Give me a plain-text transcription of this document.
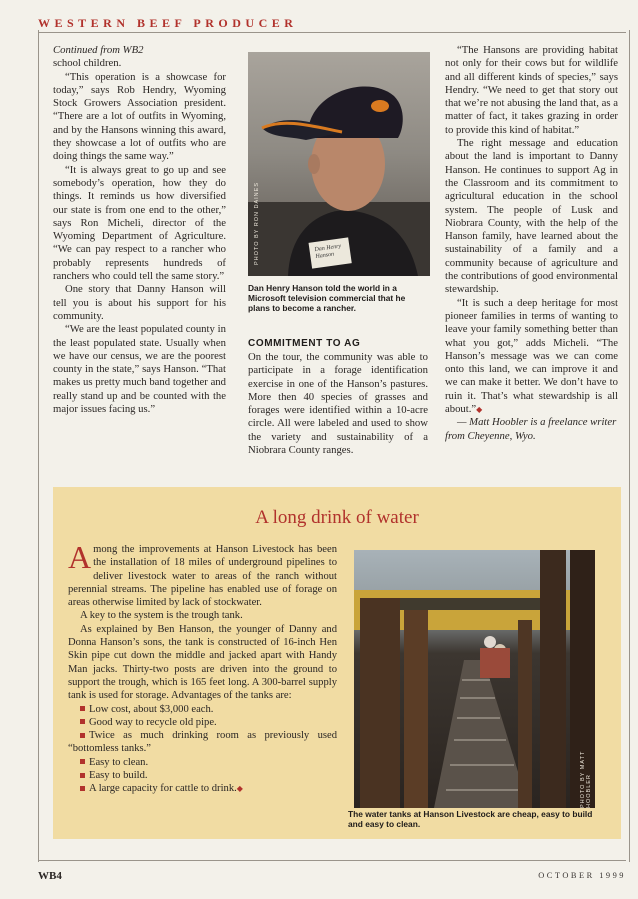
WESTERN BEEF PRODUCER

Continued from WB2

school children.

“This operation is a showcase for today,” says Rob Hendry, Wyoming Stock Growers Association president. “There are a lot of outfits in Wyoming, and by the Hansons winning this award, they showcase a lot of outfits who are doing things the same way.”

“It is always great to go up and see somebody’s operation, how they do things. It reminds us how diversified our state is from one end to the other,” says Ron Micheli, director of the Wyoming Department of Agriculture. “We can pay respect to a rancher who probably represents hundreds of ranchers who could tell the same story.”

One story that Danny Hanson will tell you is about his support for his community.

“We are the least populated county in the least populated state. Usually when we have our census, we are the poorest county in the state,” says Hanson. “That makes us pretty much band together and really stand up and be counted with the major issues facing us.”

PHOTO BY RON DAINES	Dan Henry Hanson
Dan Henry Hanson told the world in a Microsoft television commercial that he plans to become a rancher.
COMMITMENT TO AG

On the tour, the community was able to participate in a forage identification exercise in one of the Hanson’s pastures. More then 40 species of grasses and forages were identified within a 10-acre circle. All were labeled and used to show the variety and sustainability of a Niobrara County ranges.

“The Hansons are providing habitat not only for their cows but for wildlife and all different kinds of species,” says Hendry. “We need to get that story out that we’re not abusing the land that, as a matter of fact, it takes grazing in order to provide this kind of habitat.”

The right message and education about the land is important to Danny Hanson. He continues to support Ag in the Classroom and its commitment to agricultural education in the school system. The people of Lusk and Niobrara County, with the help of the Hanson family, have learned about the sustainability of a family and a community because of agriculture and the contributions of good environmental stewardship.

“It is such a deep heritage for most pioneer families in terms of wanting to leave your family something better than what you got,” adds Micheli. “The Hanson’s message was we can come onto this land, we can improve it and we can make it better. We don’t have to ruin it. That’s what stewardship is all about.”◆

— Matt Hoobler is a freelance writer from Cheyenne, Wyo.

A long drink of water

Among the improvements at Hanson Livestock has been the installation of 18 miles of underground pipelines to deliver livestock water to areas of the ranch without perennial streams. The pipeline has enabled use of forage on areas otherwise limited by lack of stockwater.

A key to the system is the trough tank.

As explained by Ben Hanson, the younger of Danny and Donna Hanson’s sons, the tank is constructed of 16-inch Hen Skin pipe cut down the middle and jacked apart with Handy Man jacks. Thirty-two posts are driven into the ground to support the trough, which is 165 feet long. A 300-barrel supply tank is used for storage. Advantages of the tanks are:

Low cost, about $3,000 each.

Good way to recycle old pipe.

Twice as much drinking room as previously used “bottomless tanks.”

Easy to clean.

Easy to build.

A large capacity for cattle to drink.◆	PHOTO BY MATT HOOBLER
The water tanks at Hanson Livestock are cheap, easy to build and easy to clean.
WB4	OCTOBER 1999
